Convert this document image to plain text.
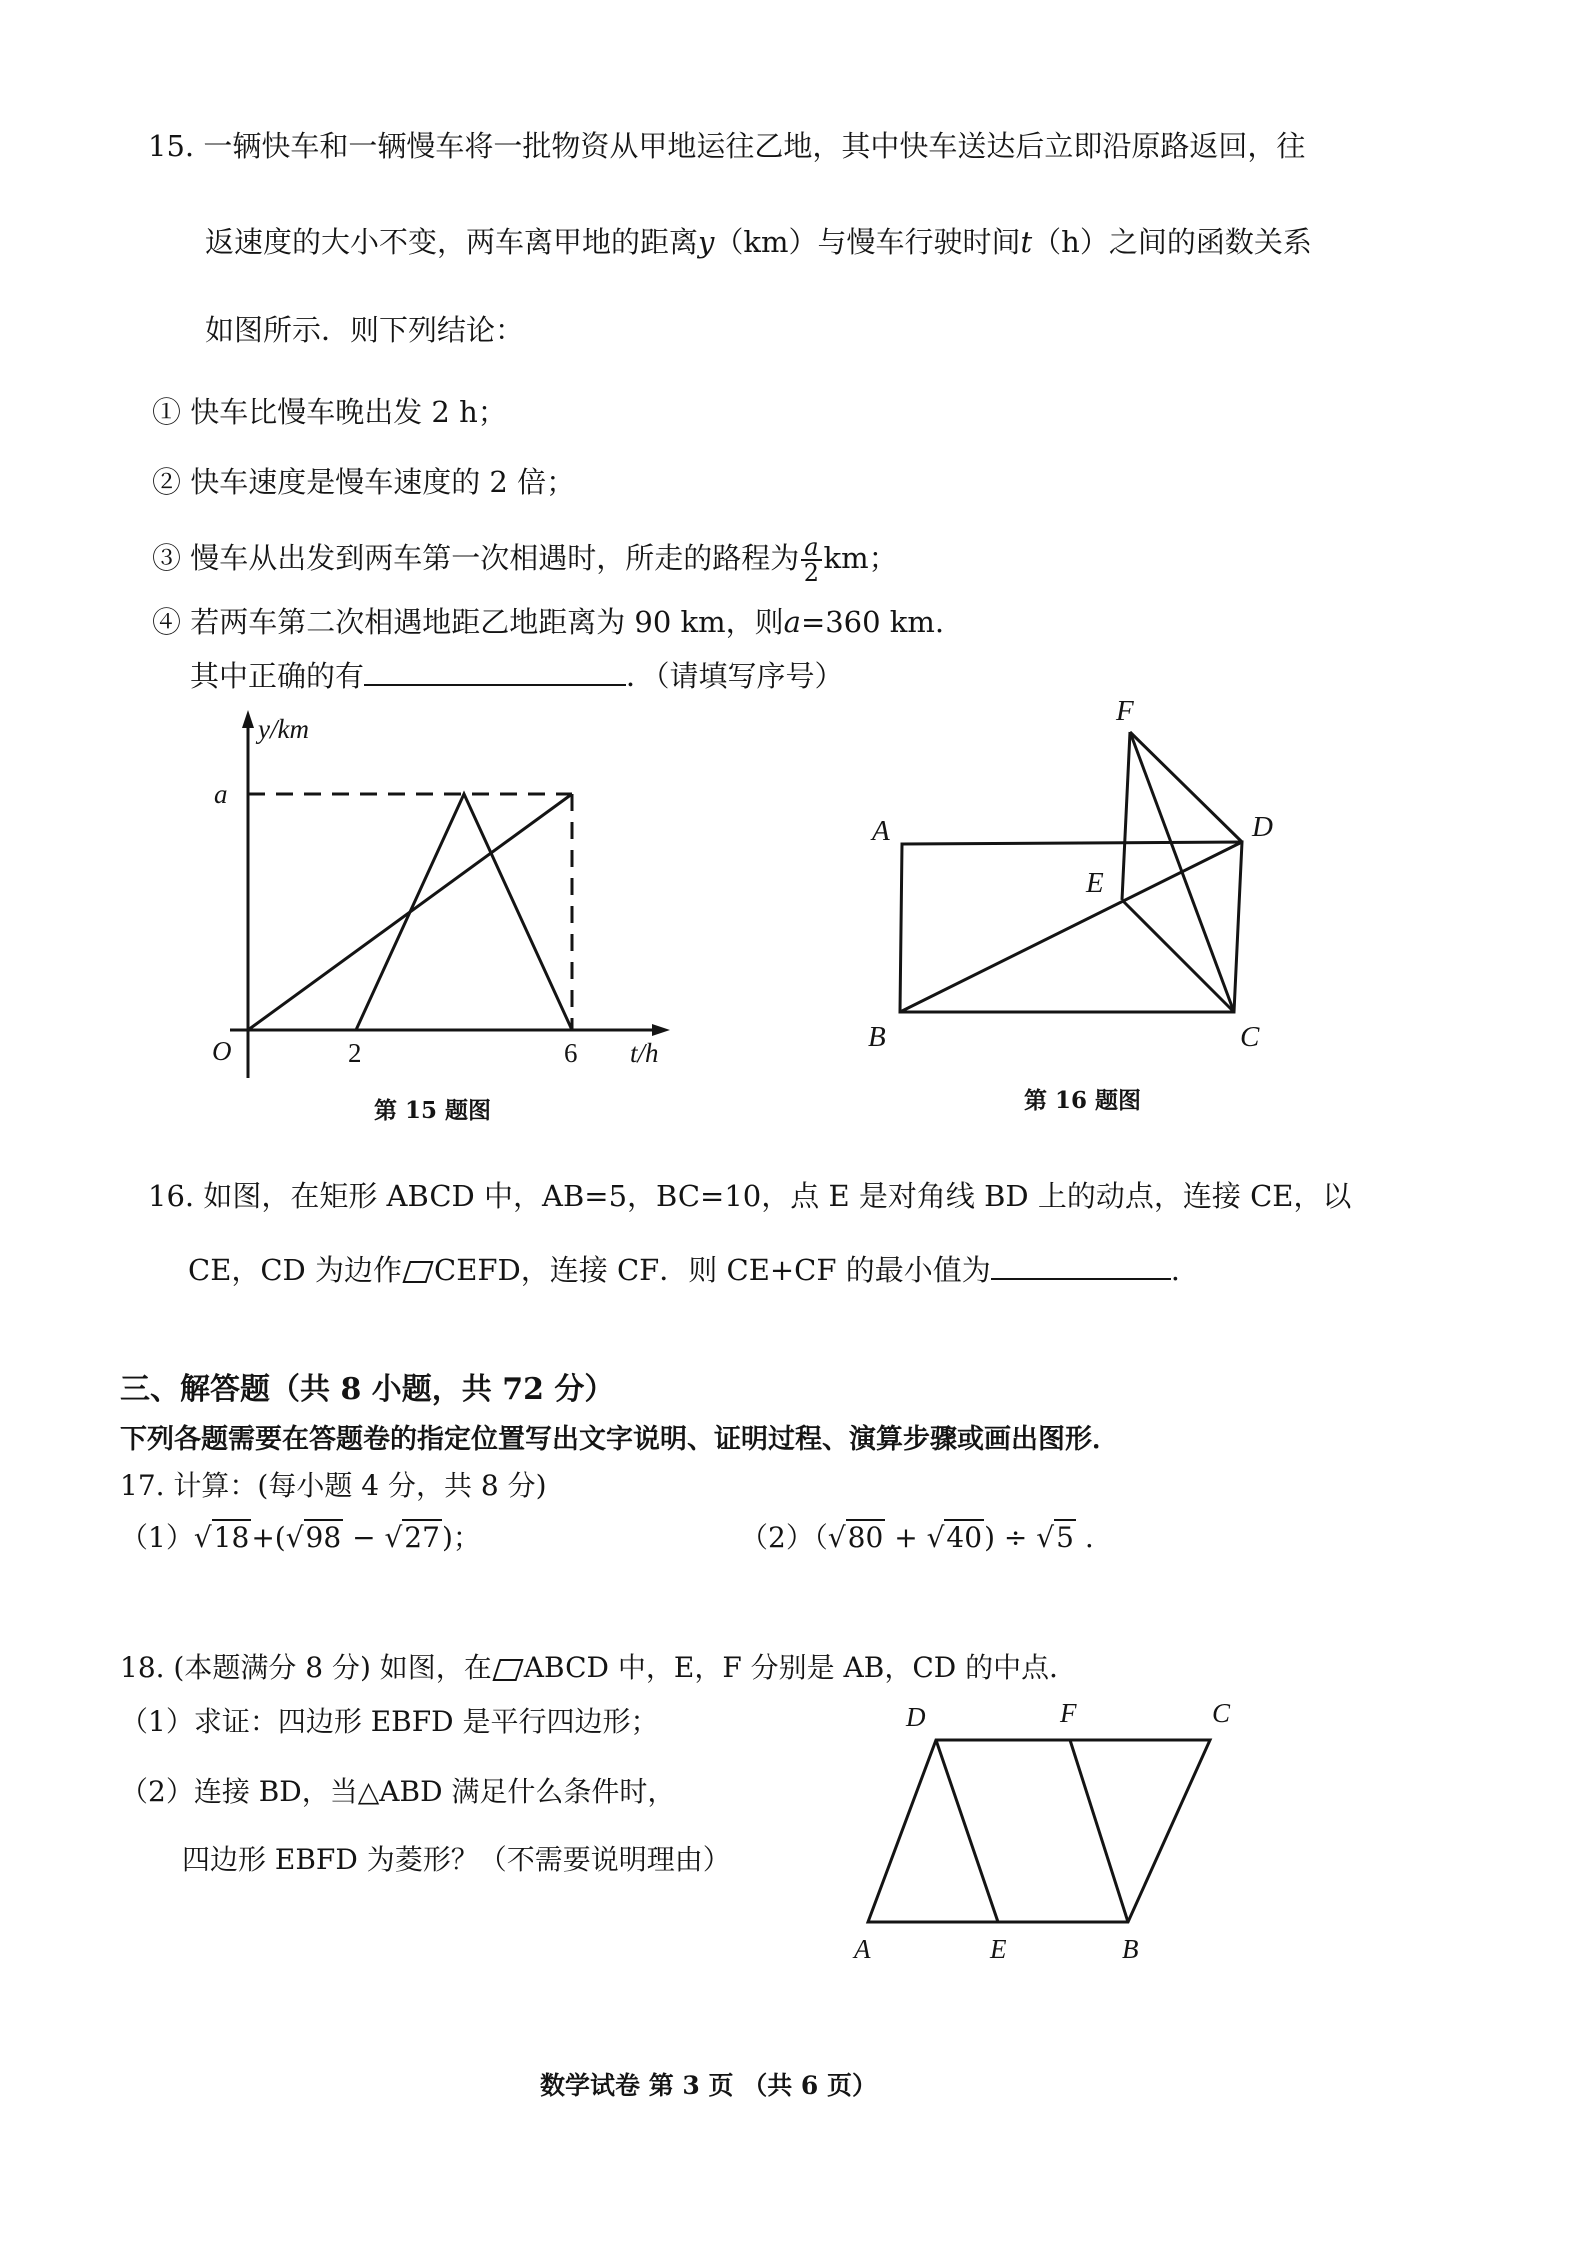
15. 一辆快车和一辆慢车将一批物资从甲地运往乙地，其中快车送达后立即沿原路返回，往
返速度的大小不变，两车离甲地的距离y（km）与慢车行驶时间t（h）之间的函数关系
如图所示．则下列结论：
① 快车比慢车晚出发 2 h；
② 快车速度是慢车速度的 2 倍；
③ 慢车从出发到两车第一次相遇时，所走的路程为 $\frac{a}{2}$ km；
④ 若两车第二次相遇地距乙地距离为 90 km，则a=360 km.
其中正确的有	．（请填写序号）
y/km
a
O	2	6 t/h
第 15 题图
A	D
E
F
B	C
第 16 题图
16. 如图，在矩形 ABCD 中，AB=5，BC=10，点 E 是对角线 BD 上的动点，连接 CE，以
CE，CD 为边作 CEFD，连接 CF．则 CE+CF 的最小值为	.
三、解答题（共 8 小题，共 72 分）
下列各题需要在答题卷的指定位置写出文字说明、证明过程、演算步骤或画出图形．
17. 计算：(每小题 4 分，共 8 分)
（1）√18+(√98 − √27)；	（2）（√80 + √40) ÷ √5 .
18. (本题满分 8 分) 如图，在 ABCD 中，E，F 分别是 AB，CD 的中点．
（1）求证：四边形 EBFD 是平行四边形；
（2）连接 BD，当△ABD 满足什么条件时，
四边形 EBFD 为菱形？（不需要说明理由）
D	F	C
A	E	B
数学试卷 第 3 页 （共 6 页）
